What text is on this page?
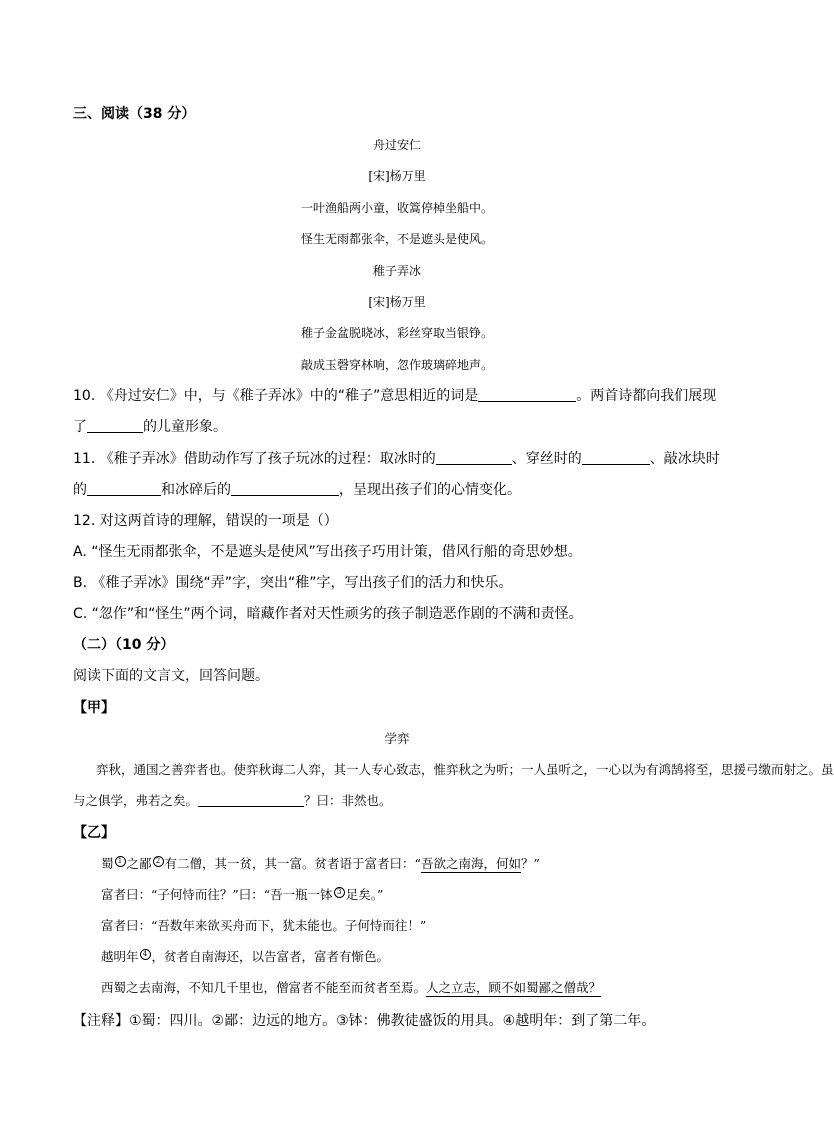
三、阅读（38 分）
舟过安仁
[宋]杨万里
一叶渔船两小童，收篙停棹坐船中。
怪生无雨都张伞，不是遮头是使风。
稚子弄冰
[宋]杨万里
稚子金盆脱晓冰，彩丝穿取当银铮。
敲成玉磬穿林响，忽作玻璃碎地声。
10. 《舟过安仁》中，与《稚子弄冰》中的“稚子”意思相近的词是	。两首诗都向我们展现
了	的儿童形象。
11. 《稚子弄冰》借助动作写了孩子玩冰的过程：取冰时的	、穿丝时的	、敲冰块时
的	和冰碎后的	，呈现出孩子们的心情变化。
12. 对这两首诗的理解，错误的一项是（）
A. “怪生无雨都张伞，不是遮头是使风”写出孩子巧用计策，借风行船的奇思妙想。
B. 《稚子弄冰》围绕“弄”字，突出“稚”字，写出孩子们的活力和快乐。
C. “忽作”和“怪生”两个词，暗藏作者对天性顽劣的孩子制造恶作剧的不满和责怪。
（二）（10 分）
阅读下面的文言文，回答问题。
【甲】
学弈
弈秋，通国之善弈者也。使弈秋诲二人弈，其一人专心致志，惟弈秋之为听；一人虽听之，一心以为有鸿鹄将至，思援弓缴而射之。虽
与之俱学，弗若之矣。	？曰：非然也。
【乙】
蜀 $^1$ 之鄙 $^2$ 有二僧，其一贫，其一富。贫者语于富者曰：“吾欲之南海，何如？”
富者曰：“子何恃而往？”曰：“吾一瓶一钵 $^3$ 足矣。”
富者曰：“吾数年来欲买舟而下，犹未能也。子何恃而往！”
越明年 $^4$ ，贫者自南海还，以告富者，富者有惭色。
西蜀之去南海，不知几千里也，僧富者不能至而贫者至焉。人之立志，顾不如蜀鄙之僧哉？
【注释】①蜀：四川。②鄙：边远的地方。③钵：佛教徒盛饭的用具。④越明年：到了第二年。
